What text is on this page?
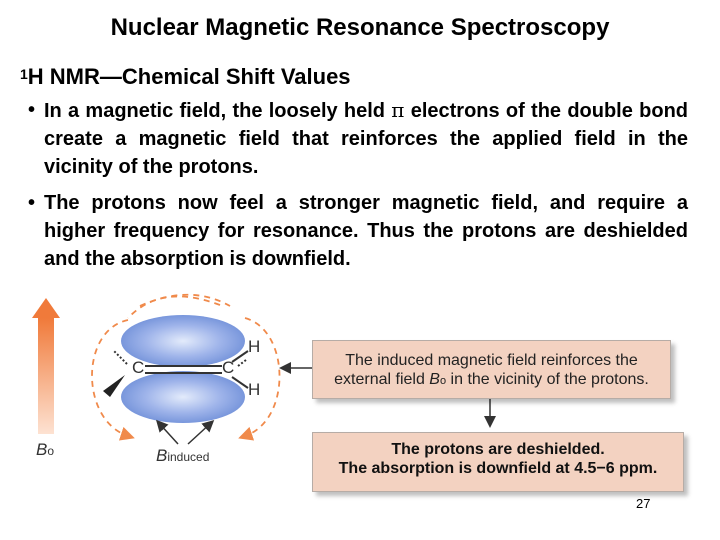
Nuclear Magnetic Resonance Spectroscopy
$^1$H NMR—Chemical Shift Values
• In a magnetic field, the loosely held π electrons of the double bond create a magnetic field that reinforces the applied field in the vicinity of the protons.
• The protons now feel a stronger magnetic field, and require a higher frequency for resonance. Thus the protons are deshielded and the absorption is downfield.
C	C
H
H
Bo	Binduced
The induced magnetic field reinforces the
external field Bo in the vicinity of the protons.
The protons are deshielded.
The absorption is downfield at 4.5−6 ppm.
27
